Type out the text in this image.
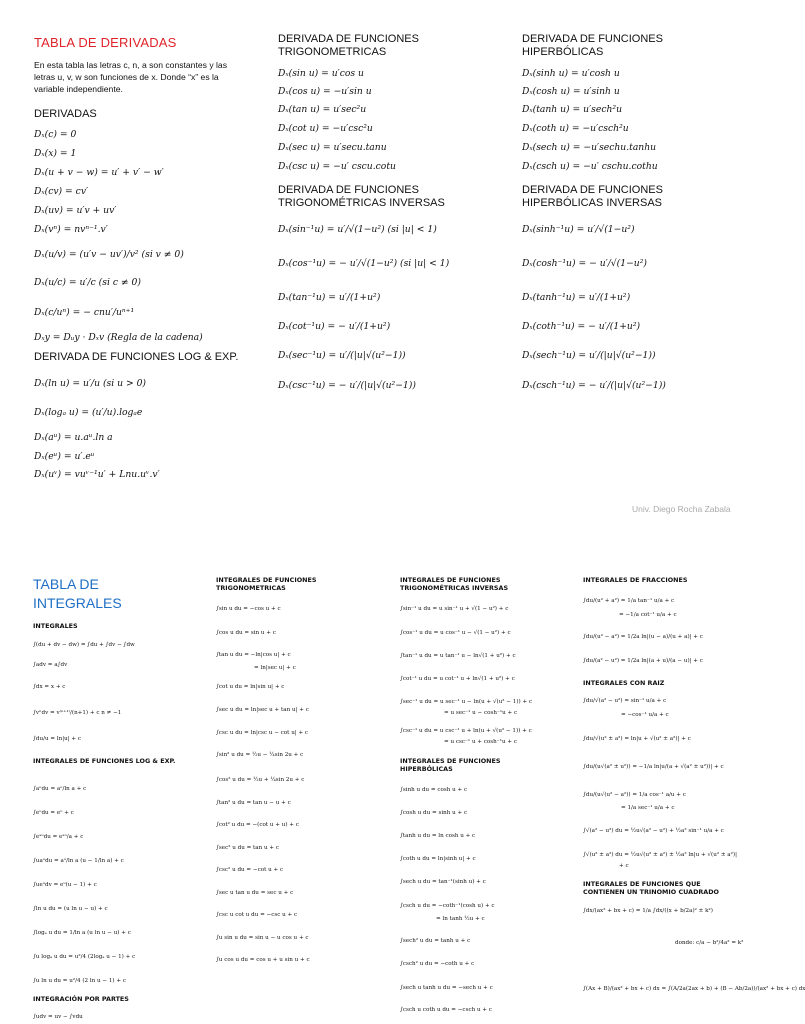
TABLA DE DERIVADAS
En esta tabla las letras c, n, a son constantes y las letras u, v, w son funciones de x. Donde “x” es la variable independiente.
DERIVADAS
Dₓ(c) = 0
Dₓ(x) = 1
Dₓ(u + v − w) = u′ + v′ − w′
Dₓ(cv) = cv′
Dₓ(uv) = u′v + uv′
Dₓ(vⁿ) = nvⁿ⁻¹.v′
Dₓ(u/v) = (u′v − uv′)/v² (si v ≠ 0)
Dₓ(u/c) = u′/c (si c ≠ 0)
Dₓ(c/uⁿ) = − cnu′/uⁿ⁺¹
Dₓy = Dᵤy · Dₓv (Regla de la cadena)
DERIVADA DE FUNCIONES LOG & EXP.
Dₓ(ln u) = u′/u (si u > 0)
Dₓ(logₐ u) = (u′/u).logₐe
Dₓ(aᵘ) = u.aᵘ.ln a
Dₓ(eᵘ) = u′.eᵘ
Dₓ(uᵛ) = vuᵛ⁻¹u′ + Lnu.uᵛ.v′
DERIVADA DE FUNCIONES TRIGONOMETRICAS
Dₓ(sin u) = u′cos u
Dₓ(cos u) = −u′sin u
Dₓ(tan u) = u′sec²u
Dₓ(cot u) = −u′csc²u
Dₓ(sec u) = u′secu.tanu
Dₓ(csc u) = −u′ cscu.cotu
DERIVADA DE FUNCIONES TRIGONOMÉTRICAS INVERSAS
Dₓ(sin⁻¹u) = u′/√(1−u²) (si |u| < 1)
Dₓ(cos⁻¹u) = − u′/√(1−u²) (si |u| < 1)
Dₓ(tan⁻¹u) = u′/(1+u²)
Dₓ(cot⁻¹u) = − u′/(1+u²)
Dₓ(sec⁻¹u) = u′/(|u|√(u²−1))
Dₓ(csc⁻¹u) = − u′/(|u|√(u²−1))
DERIVADA DE FUNCIONES HIPERBÓLICAS
Dₓ(sinh u) = u′cosh u
Dₓ(cosh u) = u′sinh u
Dₓ(tanh u) = u′sech²u
Dₓ(coth u) = −u′csch²u
Dₓ(sech u) = −u′sechu.tanhu
Dₓ(csch u) = −u′ cschu.cothu
DERIVADA DE FUNCIONES HIPERBÓLICAS INVERSAS
Dₓ(sinh⁻¹u) = u′/√(1−u²)
Dₓ(cosh⁻¹u) = − u′/√(1−u²)
Dₓ(tanh⁻¹u) = u′/(1+u²)
Dₓ(coth⁻¹u) = − u′/(1+u²)
Dₓ(sech⁻¹u) = u′/(|u|√(u²−1))
Dₓ(csch⁻¹u) = − u′/(|u|√(u²−1))
Univ. Diego Rocha Zabala
TABLA DE
INTEGRALES
INTEGRALES
∫(du + dv − dw) = ∫du + ∫dv − ∫dw
∫adv = a∫dv
∫dx = x + c
∫vⁿdv = v⁽ⁿ⁺¹⁾/(n+1) + c n ≠ −1
∫du/u = ln|u| + c
INTEGRALES DE FUNCIONES LOG & EXP.
∫aᵘdu = aᵘ/ln a + c
∫eᵘdu = eᵘ + c
∫eᵃᵘdu = eᵃᵘ/a + c
∫uaᵘdu = aᵘ/ln a (u − 1/ln a) + c
∫ueᵘdv = eᵘ(u − 1) + c
∫ln u du = (u ln u − u) + c
∫logₐ u du = 1/ln a (u ln u − u) + c
∫u logₐ u du = u²/4 (2logₐ u − 1) + c
∫u ln u du = u²/4 (2 ln u − 1) + c
INTEGRACIÓN POR PARTES
∫udv = uv − ∫vdu
INTEGRALES DE FUNCIONES TRIGONOMETRICAS
∫sin u du = −cos u + c
∫cos u du = sin u + c
∫tan u du = −ln|cos u| + c
= ln|sec u| + c
∫cot u du = ln|sin u| + c
∫sec u du = ln|sec u + tan u| + c
∫csc u du = ln|csc u − cot u| + c
∫sin² u du = ½u − ¼sin 2u + c
∫cos² u du = ½u + ¼sin 2u + c
∫tan² u du = tan u − u + c
∫cot² u du = −(cot u + u) + c
∫sec² u du = tan u + c
∫csc² u du = −cot u + c
∫sec u tan u du = sec u + c
∫csc u cot u du = −csc u + c
∫u sin u du = sin u − u cos u + c
∫u cos u du = cos u + u sin u + c
INTEGRALES DE FUNCIONES TRIGONOMÉTRICAS INVERSAS
∫sin⁻¹ u du = u sin⁻¹ u + √(1 − u²) + c
∫cos⁻¹ u du = u cos⁻¹ u − √(1 − u²) + c
∫tan⁻¹ u du = u tan⁻¹ u − ln√(1 + u²) + c
∫cot⁻¹ u du = u cot⁻¹ u + ln√(1 + u²) + c
∫sec⁻¹ u du = u sec⁻¹ u − ln(u + √(u² − 1)) + c
= u sec⁻¹ u − cosh⁻¹u + c
∫csc⁻¹ u du = u csc⁻¹ u + ln(u + √(u² − 1)) + c
= u csc⁻¹ u + cosh⁻¹u + c
INTEGRALES DE FUNCIONES HIPERBÓLICAS
∫sinh u du = cosh u + c
∫cosh u du = sinh u + c
∫tanh u du = ln cosh u + c
∫coth u du = ln|sinh u| + c
∫sech u du = tan⁻¹(sinh u) + c
∫csch u du = −coth⁻¹(cosh u) + c
= ln tanh ½u + c
∫sech² u du = tanh u + c
∫csch² u du = −coth u + c
∫sech u tanh u du = −sech u + c
∫csch u coth u du = −csch u + c
INTEGRALES DE FRACCIONES
∫du/(u² + a²) = 1/a tan⁻¹ u/a + c
= −1/a cot⁻¹ u/a + c
∫du/(u² − a²) = 1/2a ln|(u − a)/(u + a)| + c
∫du/(a² − u²) = 1/2a ln|(a + u)/(a − u)| + c
INTEGRALES CON RAIZ
∫du/√(a² − u²) = sin⁻¹ u/a + c
= −cos⁻¹ u/a + c
∫du/√(u² ± a²) = ln|u + √(u² ± a²)| + c
∫du/(u√(a² ± u²)) = −1/a ln|u/(a + √(a² ± u²))| + c
∫du/(u√(u² − a²)) = 1/a cos⁻¹ a/u + c
= 1/a sec⁻¹ u/a + c
∫√(a² − u²) du = ½u√(a² − u²) + ½a² sin⁻¹ u/a + c
∫√(u² ± a²) du = ½u√(u² ± a²) ± ½a² ln|u + √(u² ± a²)|
+ c
INTEGRALES DE FUNCIONES QUE CONTIENEN UN TRINOMIO CUADRADO
∫dx/(ax² + bx + c) = 1/a ∫dx/((x + b/2a)² ± k²)
donde: c/a − b²/4a² = k²
∫(Ax + B)/(ax² + bx + c) dx = ∫(A/2a(2ax + b) + (B − Ab/2a))/(ax² + bx + c) dx
